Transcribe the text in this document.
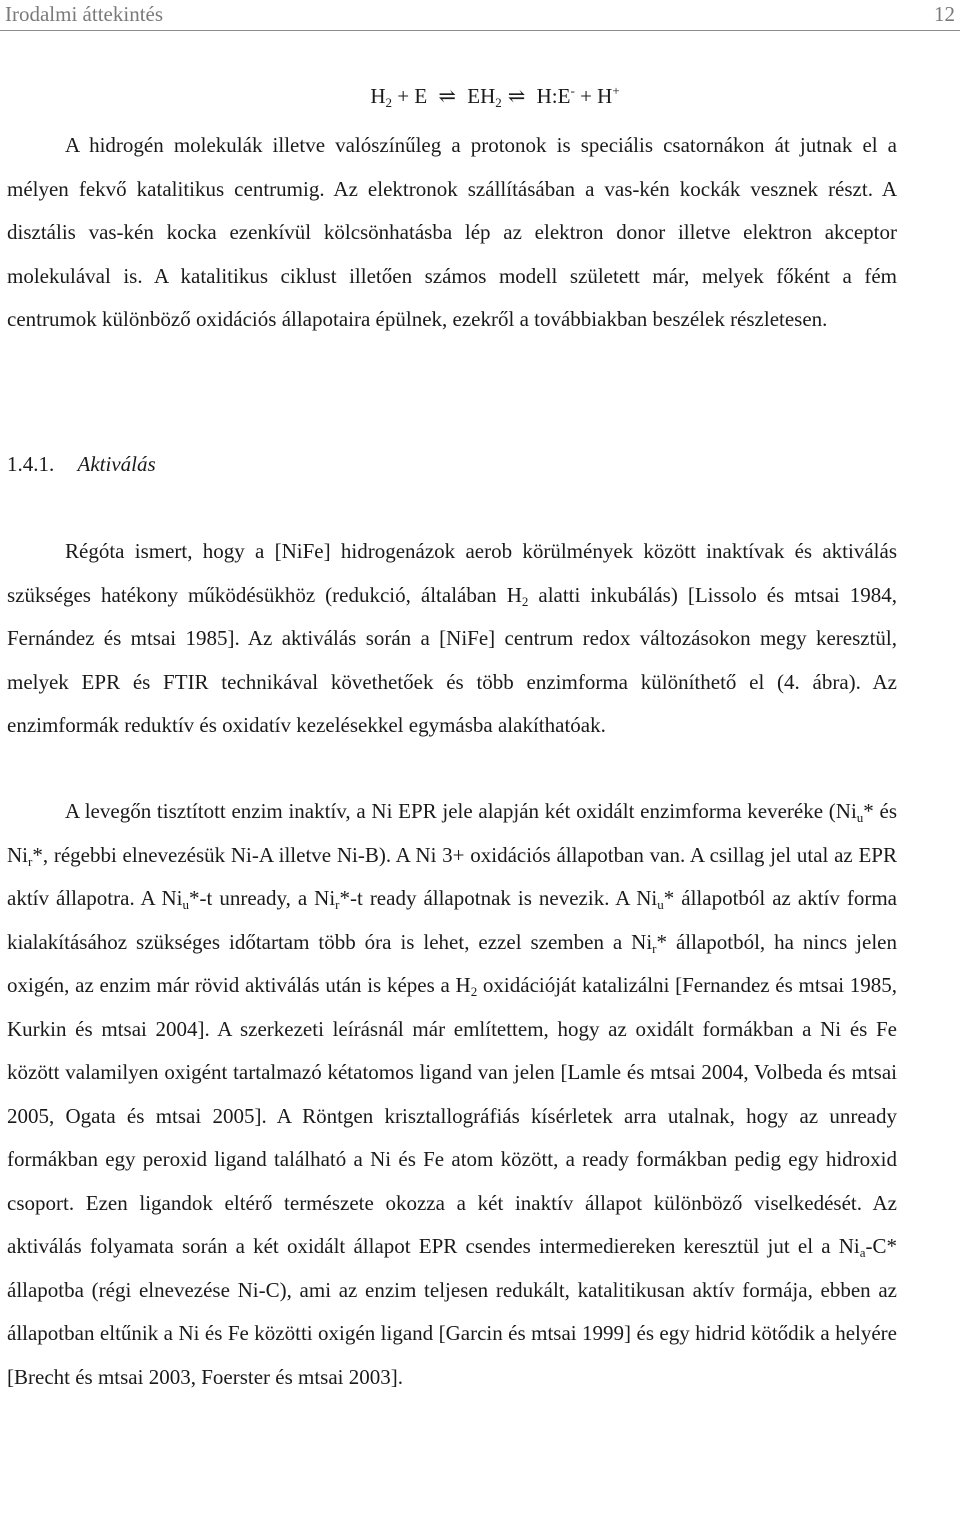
Irodalmi áttekintés	12
$H_2 + E$ ⇌ $EH_2$ ⇌ H:E- + H+

A hidrogén molekulák illetve valószínűleg a protonok is speciális csatornákon át jutnak el a mélyen fekvő katalitikus centrumig. Az elektronok szállításában a vas-kén kockák vesznek részt. A disztális vas-kén kocka ezenkívül kölcsönhatásba lép az elektron donor illetve elektron akceptor molekulával is. A katalitikus ciklust illetően számos modell született már, melyek főként a fém centrumok különböző oxidációs állapotaira épülnek, ezekről a továbbiakban beszélek részletesen.

1.4.1. Aktiválás

Régóta ismert, hogy a [NiFe] hidrogenázok aerob körülmények között inaktívak és aktiválás szükséges hatékony működésükhöz (redukció, általában $H_2$ alatti inkubálás) [Lissolo és mtsai 1984, Fernández és mtsai 1985]. Az aktiválás során a [NiFe] centrum redox változásokon megy keresztül, melyek EPR és FTIR technikával követhetőek és több enzimforma különíthető el (4. ábra). Az enzimformák reduktív és oxidatív kezelésekkel egymásba alakíthatóak.

A levegőn tisztított enzim inaktív, a Ni EPR jele alapján két oxidált enzimforma keveréke ($Ni_u*$ és $Ni_r*$, régebbi elnevezésük Ni-A illetve Ni-B). A Ni 3+ oxidációs állapotban van. A csillag jel utal az EPR aktív állapotra. A $Ni_u*-t$ unready, a $Ni_r*-t$ ready állapotnak is nevezik. A $Ni_u*$ állapotból az aktív forma kialakításához szükséges időtartam több óra is lehet, ezzel szemben a $Ni_r*$ állapotból, ha nincs jelen oxigén, az enzim már rövid aktiválás után is képes a $H_2$ oxidációját katalizálni [Fernandez és mtsai 1985, Kurkin és mtsai 2004]. A szerkezeti leírásnál már említettem, hogy az oxidált formákban a Ni és Fe között valamilyen oxigént tartalmazó kétatomos ligand van jelen [Lamle és mtsai 2004, Volbeda és mtsai 2005, Ogata és mtsai 2005]. A Röntgen krisztallográfiás kísérletek arra utalnak, hogy az unready formákban egy peroxid ligand található a Ni és Fe atom között, a ready formákban pedig egy hidroxid csoport. Ezen ligandok eltérő természete okozza a két inaktív állapot különböző viselkedését. Az aktiválás folyamata során a két oxidált állapot EPR csendes intermediereken keresztül jut el a $Ni_a-C*$ állapotba (régi elnevezése Ni-C), ami az enzim teljesen redukált, katalitikusan aktív formája, ebben az állapotban eltűnik a Ni és Fe közötti oxigén ligand [Garcin és mtsai 1999] és egy hidrid kötődik a helyére [Brecht és mtsai 2003, Foerster és mtsai 2003].
